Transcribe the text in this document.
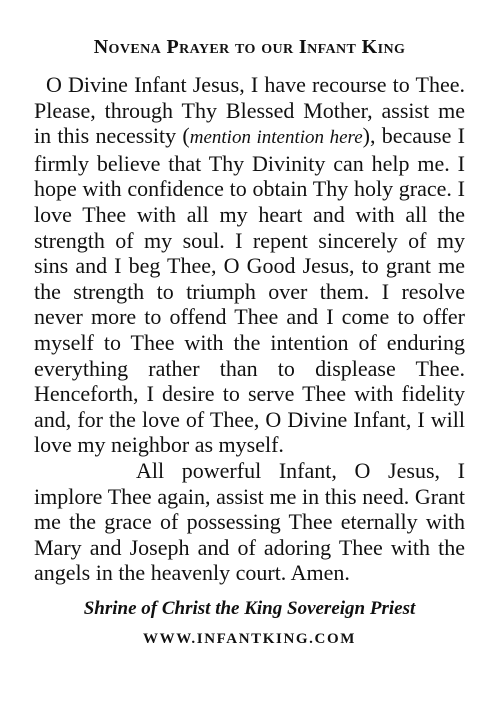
Novena Prayer to our Infant King

O Divine Infant Jesus, I have recourse to Thee. Please, through Thy Blessed Mother, assist me in this necessity (mention intention here), because I firmly believe that Thy Divinity can help me. I hope with confidence to obtain Thy holy grace. I love Thee with all my heart and with all the strength of my soul. I repent sincerely of my sins and I beg Thee, O Good Jesus, to grant me the strength to triumph over them. I resolve never more to offend Thee and I come to offer myself to Thee with the intention of enduring everything rather than to displease Thee. Henceforth, I desire to serve Thee with fidelity and, for the love of Thee, O Divine Infant, I will love my neighbor as myself.

All powerful Infant, O Jesus, I implore Thee again, assist me in this need. Grant me the grace of possessing Thee eternally with Mary and Joseph and of adoring Thee with the angels in the heavenly court. Amen.

Shrine of Christ the King Sovereign Priest
WWW.INFANTKING.COM
